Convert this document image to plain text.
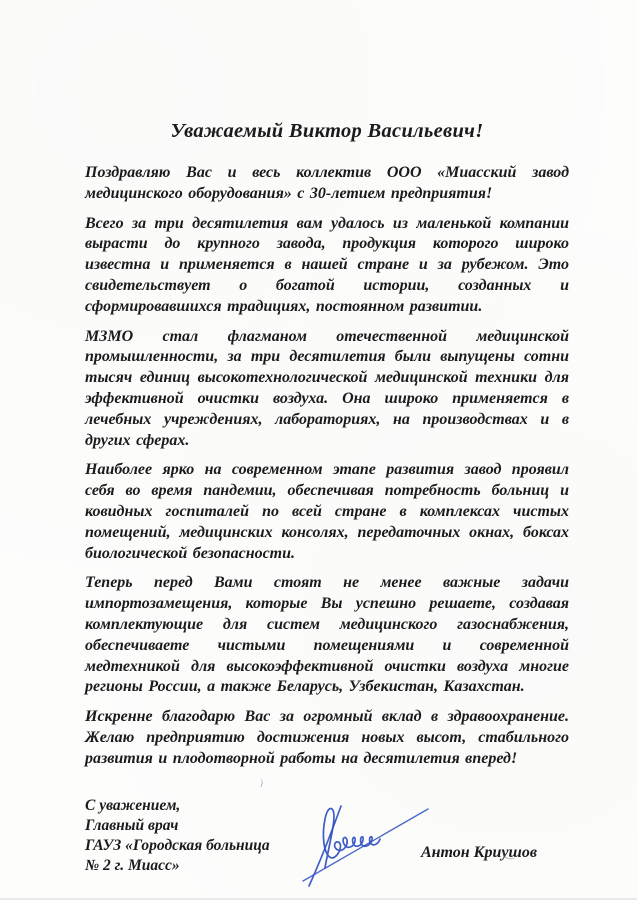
Уважаемый Виктор Васильевич!

Поздравляю Вас и весь коллектив ООО «Миасский завод медицинского оборудования» с 30-летием предприятия!

Всего за три десятилетия вам удалось из маленькой компании вырасти до крупного завода, продукция которого широко известна и применяется в нашей стране и за рубежом. Это свидетельствует о богатой истории, созданных и сформировавшихся традициях, постоянном развитии.

МЗМО стал флагманом отечественной медицинской промышленности, за три десятилетия были выпущены сотни тысяч единиц высокотехнологической медицинской техники для эффективной очистки воздуха. Она широко применяется в лечебных учреждениях, лабораториях, на производствах и в других сферах.

Наиболее ярко на современном этапе развития завод проявил себя во время пандемии, обеспечивая потребность больниц и ковидных госпиталей по всей стране в комплексах чистых помещений, медицинских консолях, передаточных окнах, боксах биологической безопасности.

Теперь перед Вами стоят не менее важные задачи импортозамещения, которые Вы успешно решаете, создавая комплектующие для систем медицинского газоснабжения, обеспечиваете чистыми помещениями и современной медтехникой для высокоэффективной очистки воздуха многие регионы России, а также Беларусь, Узбекистан, Казахстан.

Искренне благодарю Вас за огромный вклад в здравоохранение. Желаю предприятию достижения новых высот, стабильного развития и плодотворной работы на десятилетия вперед!

С уважением,
Главный врач
ГАУЗ «Городская больница
№ 2 г. Миасс»
Антон Криушов
